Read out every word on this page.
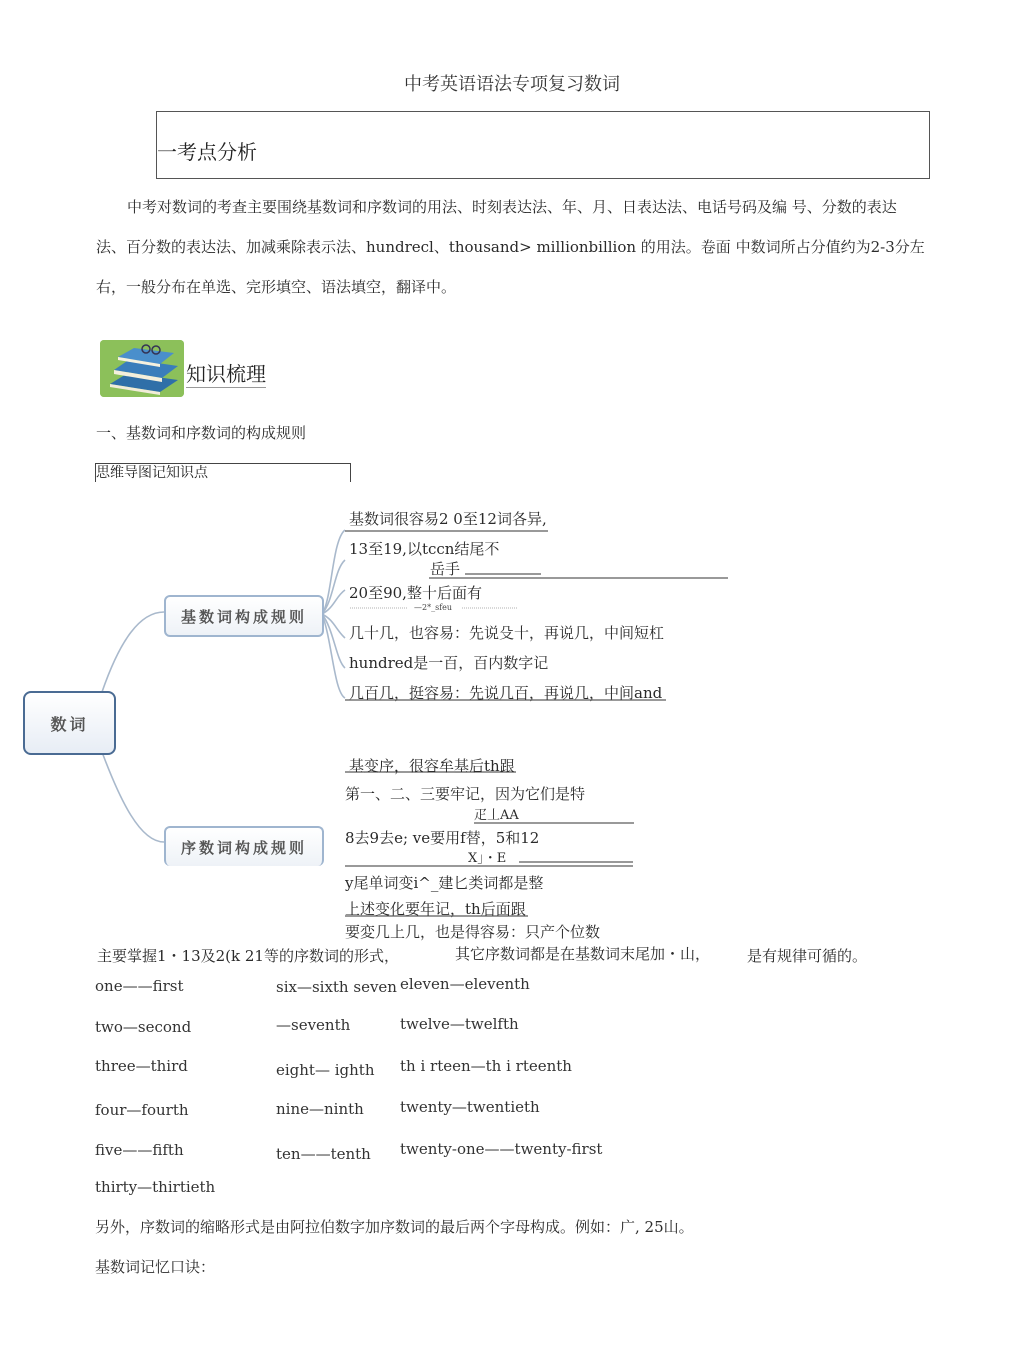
中考英语语法专项复习数词
一考点分析
中考对数词的考查主要围绕基数词和序数词的用法、时刻表达法、年、月、日表达法、电话号码及编 号、分数的表达
法、百分数的表达法、加减乘除表示法、hundrecl、thousand> millionbillion 的用法。卷面 中数词所占分值约为2-3分左
右，一般分布在单选、完形填空、语法填空，翻译中。
知识梳理
一、基数词和序数词的构成规则
思维导图记知识点
数词
基数词构成规则
序数词构成规则
基数词很容易2 0至12词各异,
13至19,以tccn结尾不
岳手
20至90,整十后面有
—2*_sfeu
几十几，也容易：先说殳十，再说几，中间短杠
hundred是一百，百内数字记
几百几，挺容易：先说几百，再说几，中间and
基变序，很容牟基后th跟
第一、二、三要牢记，因为它们是特
疋丄AA
8去9去e; ve要用f替，5和12
X」・E
y尾单词变i^_建匕类词都是整
上述变化要年记，th后面跟
要変几上几，也是得容易：只产个位数
主要掌握1・13及2(k 21等的序数词的形式，	其它序数词都是在基数词末尾加・山， 是有规律可循的。
one——first
two—second
three—third
four—fourth
five——fifth
thirty—thirtieth
six—sixth seven
—seventh
eight— ighth
nine—ninth
ten——tenth
eleven—eleventh
twelve—twelfth
th i rteen—th i rteenth
twenty—twentieth
twenty-one——twenty-first
另外，序数词的缩略形式是由阿拉伯数字加序数词的最后两个字母构成。例如：广, 25山。
基数词记忆口诀：
